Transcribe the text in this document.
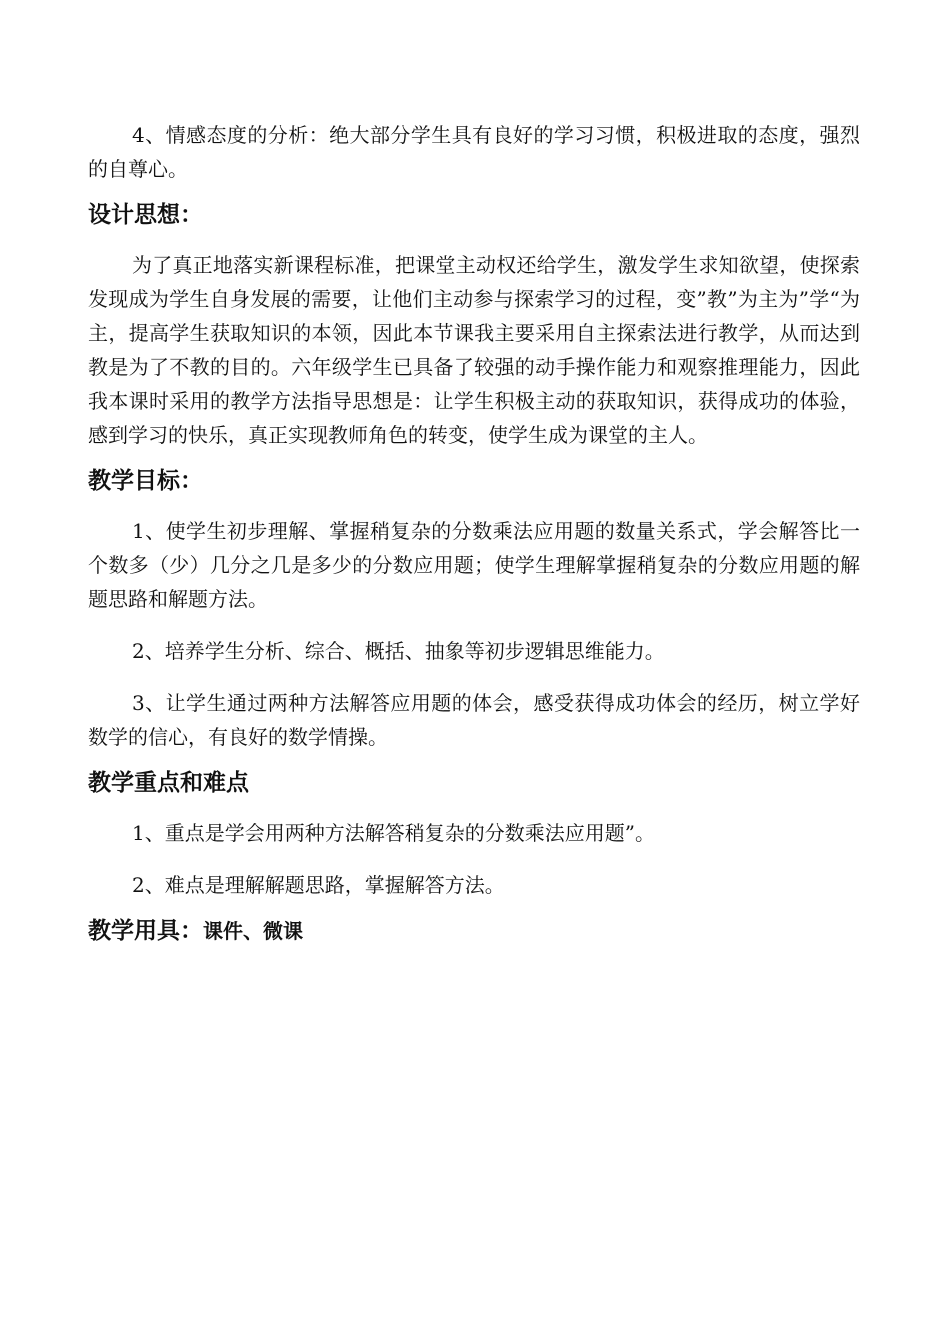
4、情感态度的分析：绝大部分学生具有良好的学习习惯，积极进取的态度，强烈的自尊心。

设计思想：

为了真正地落实新课程标准，把课堂主动权还给学生，激发学生求知欲望，使探索发现成为学生自身发展的需要，让他们主动参与探索学习的过程，变”教”为主为”学“为主，提高学生获取知识的本领，因此本节课我主要采用自主探索法进行教学，从而达到教是为了不教的目的。六年级学生已具备了较强的动手操作能力和观察推理能力，因此我本课时采用的教学方法指导思想是：让学生积极主动的获取知识，获得成功的体验，感到学习的快乐，真正实现教师角色的转变，使学生成为课堂的主人。

教学目标：

1、使学生初步理解、掌握稍复杂的分数乘法应用题的数量关系式，学会解答比一个数多（少）几分之几是多少的分数应用题；使学生理解掌握稍复杂的分数应用题的解题思路和解题方法。

2、培养学生分析、综合、概括、抽象等初步逻辑思维能力。

3、让学生通过两种方法解答应用题的体会，感受获得成功体会的经历，树立学好数学的信心，有良好的数学情操。

教学重点和难点

1、重点是学会用两种方法解答稍复杂的分数乘法应用题”。

2、难点是理解解题思路，掌握解答方法。

教学用具：课件、微课
